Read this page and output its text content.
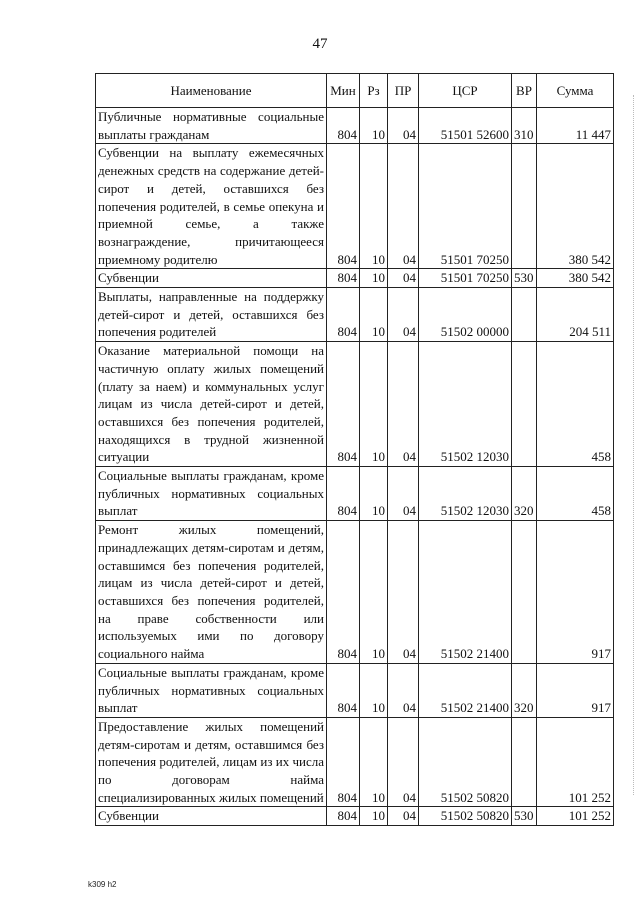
47
Наименование	Мин	Рз	ПР	ЦСР	ВР	Сумма
Публичные нормативные социальные выплаты гражданам	804	10	04	51501 52600	310	11 447
Субвенции на выплату ежемесячных денежных средств на содержание детей-сирот и детей, оставшихся без попечения родителей, в семье опекуна и приемной семье, а также вознаграждение, причитающееся приемному родителю	804	10	04	51501 70250		380 542
Субвенции	804	10	04	51501 70250	530	380 542
Выплаты, направленные на поддержку детей-сирот и детей, оставшихся без попечения родителей	804	10	04	51502 00000		204 511
Оказание материальной помощи на частичную оплату жилых помещений (плату за наем) и коммунальных услуг лицам из числа детей-сирот и детей, оставшихся без попечения родителей, находящихся в трудной жизненной ситуации	804	10	04	51502 12030		458
Социальные выплаты гражданам, кроме публичных нормативных социальных выплат	804	10	04	51502 12030	320	458
Ремонт жилых помещений, принадлежащих детям-сиротам и детям, оставшимся без попечения родителей, лицам из числа детей-сирот и детей, оставшихся без попечения родителей, на праве собственности или используемых ими по договору социального найма	804	10	04	51502 21400		917
Социальные выплаты гражданам, кроме публичных нормативных социальных выплат	804	10	04	51502 21400	320	917
Предоставление жилых помещений детям-сиротам и детям, оставшимся без попечения родителей, лицам из их числа по договорам найма специализированных жилых помещений	804	10	04	51502 50820		101 252
Субвенции	804	10	04	51502 50820	530	101 252
k309 h2
